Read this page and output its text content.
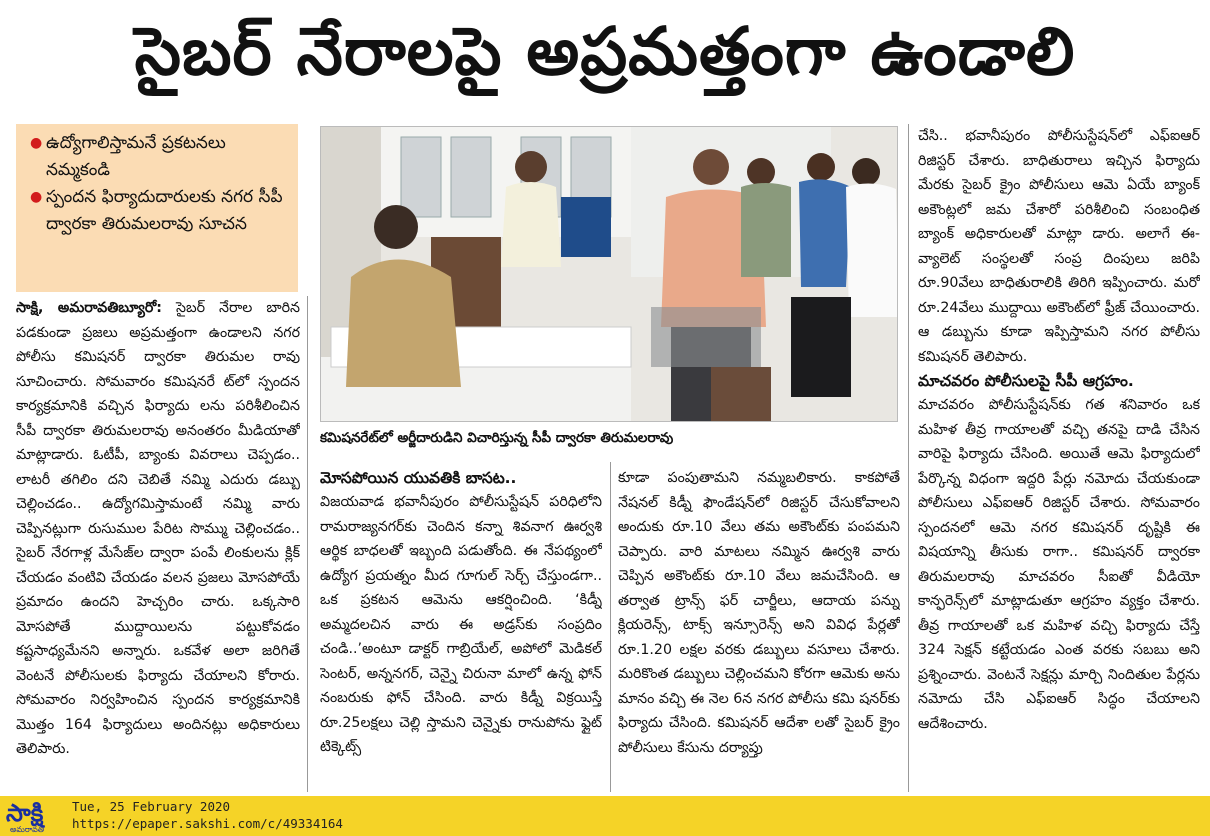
సైబర్ నేరాలపై అప్రమత్తంగా ఉండాలి
● ఉద్యోగాలిస్తామనే ప్రకటనలు నమ్మకండి
● స్పందన ఫిర్యాదుదారులకు నగర సీపీ ద్వారకా తిరుమలరావు సూచన

సాక్షి, అమరావతిబ్యూరో: సైబర్ నేరాల బారిన పడకుండా ప్రజలు అప్రమత్తంగా ఉండాలని నగర పోలీసు కమిషనర్ ద్వారకా తిరుమల రావు సూచించారు. సోమవారం కమిషనరే ట్‌లో స్పందన కార్యక్రమానికి వచ్చిన ఫిర్యాదు లను పరిశీలించిన సీపీ ద్వారకా తిరుమలరావు అనంతరం మీడియాతో మాట్లాడారు. ఓటీపీ, బ్యాంకు వివరాలు చెప్పడం.. లాటరీ తగిలిం దని చెబితే నమ్మి ఎదురు డబ్బు చెల్లించడం.. ఉద్యోగమిస్తామంటే నమ్మి వారు చెప్పినట్లుగా రుసుముల పేరిట సొమ్ము చెల్లించడం.. సైబర్ నేరగాళ్ల మేసేజ్‌ల ద్వారా పంపే లింకులను క్లిక్ చేయడం వంటివి చేయడం వలన ప్రజలు మోసపోయే ప్రమాదం ఉందని హెచ్చరిం చారు. ఒక్కసారి మోసపోతే ముద్దాయిలను పట్టుకోవడం కష్టసాధ్యమేనని అన్నారు. ఒకవేళ అలా జరిగితే వెంటనే పోలీసులకు ఫిర్యాదు చేయాలని కోరారు. సోమవారం నిర్వహించిన స్పందన కార్యక్రమానికి మొత్తం 164 ఫిర్యాదులు అందినట్లు అధికారులు తెలిపారు.

కమిషనరేట్‌లో అర్జీదారుడిని విచారిస్తున్న సీపీ ద్వారకా తిరుమలరావు

మోసపోయిన యువతికి బాసట..

విజయవాడ భవానీపురం పోలీసుస్టేషన్ పరిధిలోని రామరాజ్యనగర్‌కు చెందిన కన్నా శివనాగ ఊర్వశి ఆర్థిక బాధలతో ఇబ్బంది పడుతోంది. ఈ నేపథ్యంలో ఉద్యోగ ప్రయత్నం మీద గూగుల్ సెర్చ్ చేస్తుండగా.. ఒక ప్రకటన ఆమెను ఆకర్షించింది. ‘కిడ్నీ అమ్మదలచిన వారు ఈ అడ్రస్‌కు సంప్రదిం చండి..’అంటూ డాక్టర్ గాబ్రియేల్, అపోలో మెడికల్ సెంటర్, అన్ననగర్, చెన్నై చిరునా మాలో ఉన్న ఫోన్ నంబరుకు ఫోన్ చేసింది. వారు కిడ్నీ విక్రయిస్తే రూ.25లక్షలు చెల్లి స్తామని చెన్నైకు రానుపోను ఫ్లైట్ టిక్కెట్స్

కూడా పంపుతామని నమ్మబలికారు. కాకపోతే నేషనల్ కిడ్నీ ఫౌండేషన్‌లో రిజిస్టర్ చేసుకోవాలని అందుకు రూ.10 వేలు తమ అకౌంట్‌కు పంపమని చెప్పారు. వారి మాటలు నమ్మిన ఊర్వశి వారు చెప్పిన అకౌంట్‌కు రూ.10 వేలు జమచేసింది. ఆ తర్వాత ట్రాన్స్ ఫర్ చార్జీలు, ఆదాయ పన్ను క్లియరెన్స్, టాక్స్ ఇన్సూరెన్స్ అని వివిధ పేర్లతో రూ.1.20 లక్షల వరకు డబ్బులు వసూలు చేశారు. మరికొంత డబ్బులు చెల్లించమని కోరగా ఆమెకు అను మానం వచ్చి ఈ నెల 6న నగర పోలీసు కమి షనర్‌కు ఫిర్యాదు చేసింది. కమిషనర్ ఆదేశా లతో సైబర్ క్రైం పోలీసులు కేసును దర్యాప్తు

చేసి.. భవానీపురం పోలీసుస్టేషన్‌లో ఎఫ్ఐఆర్ రిజిస్టర్ చేశారు. బాధితురాలు ఇచ్చిన ఫిర్యాదు మేరకు సైబర్ క్రైం పోలీసులు ఆమె ఏయే బ్యాంక్ అకౌంట్లలో జమ చేశారో పరిశీలించి సంబంధిత బ్యాంక్ అధికారులతో మాట్లా డారు. అలాగే ఈ-వ్యాలెట్ సంస్థలతో సంప్ర దింపులు జరిపి రూ.90వేలు బాధితురాలికి తిరిగి ఇప్పించారు. మరో రూ.24వేలు ముద్దాయి అకౌంట్‌లో ఫ్రీజ్ చేయించారు. ఆ డబ్బును కూడా ఇప్పిస్తామని నగర పోలీసు కమిషనర్ తెలిపారు.

మాచవరం పోలీసులపై సీపీ ఆగ్రహం.

మాచవరం పోలీసుస్టేషన్‌కు గత శనివారం ఒక మహిళ తీవ్ర గాయాలతో వచ్చి తనపై దాడి చేసిన వారిపై ఫిర్యాదు చేసింది. అయితే ఆమె ఫిర్యాదులో పేర్కొన్న విధంగా ఇద్దరి పేర్లు నమోదు చేయకుండా పోలీసులు ఎఫ్ఐఆర్ రిజిస్టర్ చేశారు. సోమవారం స్పందనలో ఆమె నగర కమిషనర్ దృష్టికి ఈ విషయాన్ని తీసుకు రాగా.. కమిషనర్ ద్వారకా తిరుమలరావు మాచవరం సీఐతో వీడియో కాన్ఫరెన్స్‌లో మాట్లాడుతూ ఆగ్రహం వ్యక్తం చేశారు. తీవ్ర గాయాలతో ఒక మహిళ వచ్చి ఫిర్యాదు చేస్తే 324 సెక్షన్ కట్టేయడం ఎంత వరకు సబబు అని ప్రశ్నించారు. వెంటనే సెక్షన్లు మార్చి నిందితుల పేర్లను నమోదు చేసి ఎఫ్ఐఆర్ సిద్ధం చేయాలని ఆదేశించారు.

సాక్షి
అమరావతి
Tue, 25 February 2020
https://epaper.sakshi.com/c/49334164
